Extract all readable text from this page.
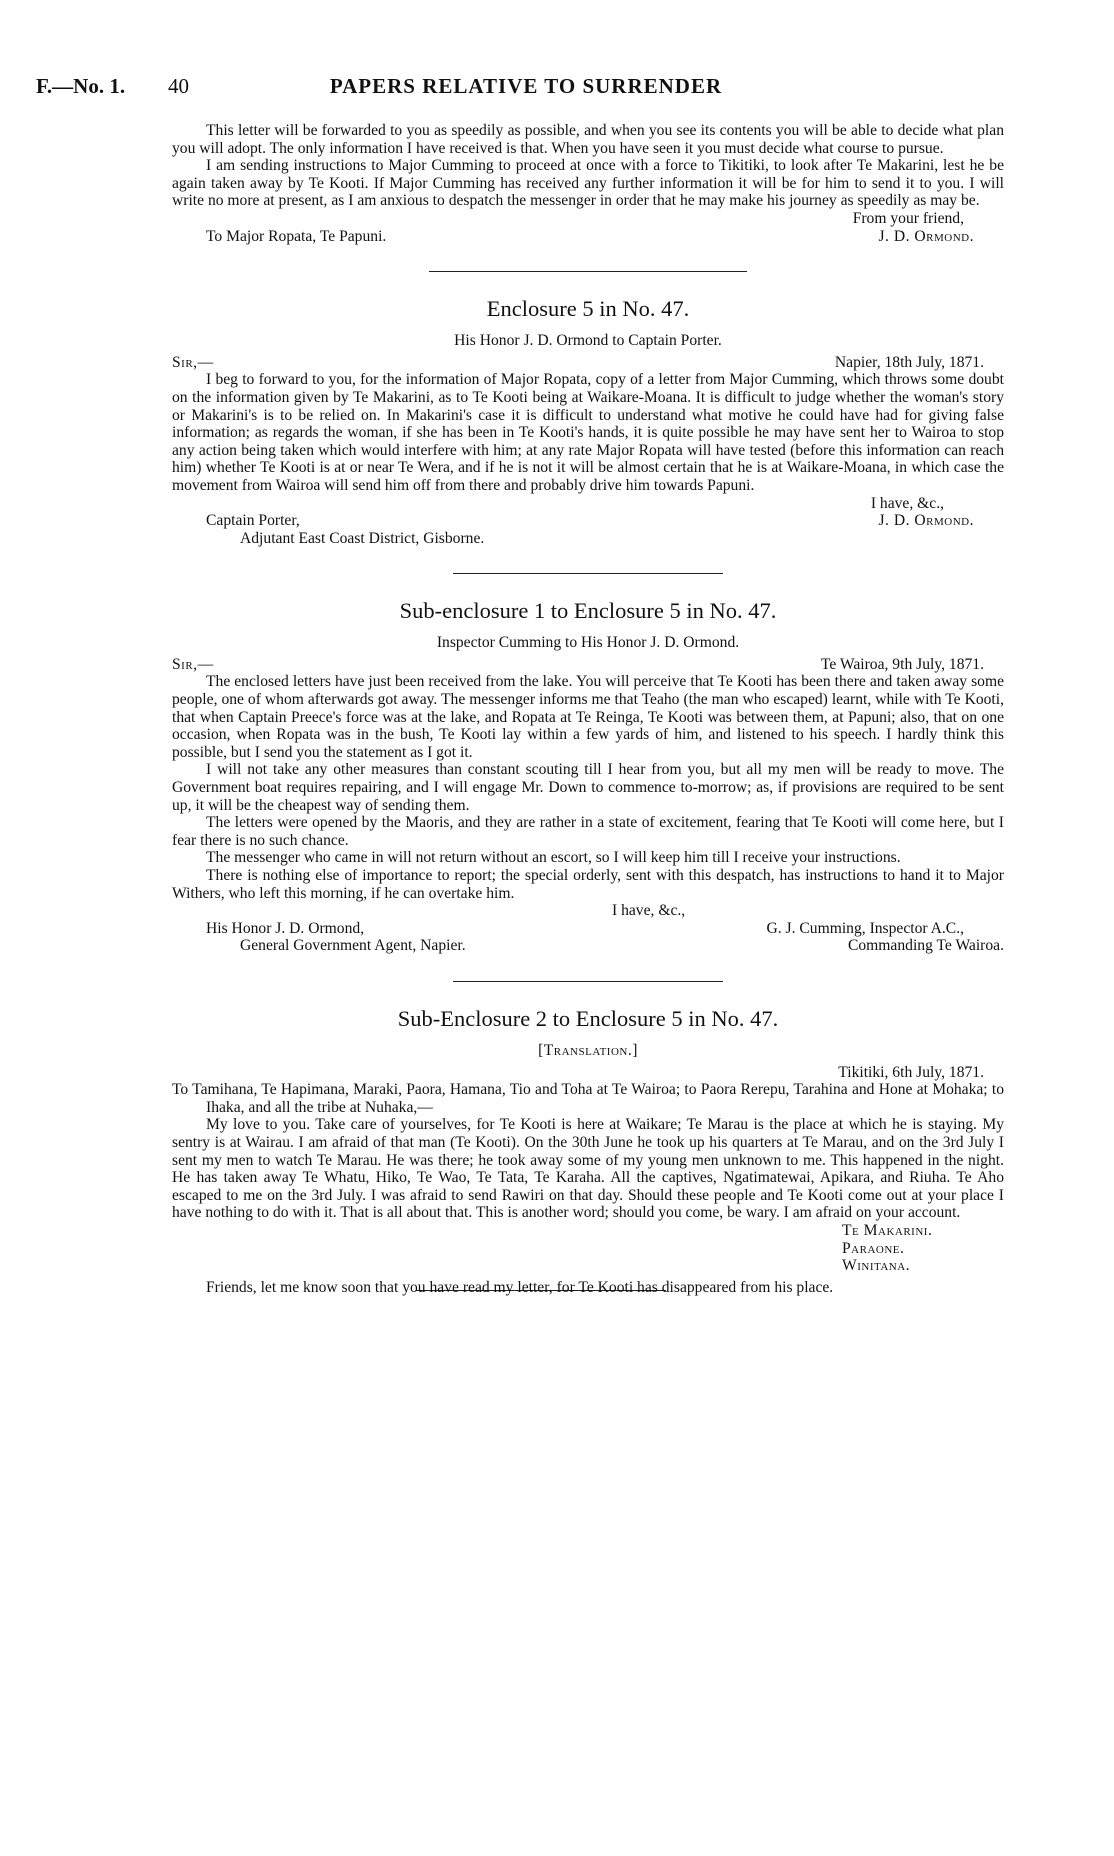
F.—No. 1. 40	PAPERS RELATIVE TO SURRENDER

This letter will be forwarded to you as speedily as possible, and when you see its contents you will be able to decide what plan you will adopt. The only information I have received is that. When you have seen it you must decide what course to pursue.

I am sending instructions to Major Cumming to proceed at once with a force to Tikitiki, to look after Te Makarini, lest he be again taken away by Te Kooti. If Major Cumming has received any further information it will be for him to send it to you. I will write no more at present, as I am anxious to despatch the messenger in order that he may make his journey as speedily as may be.

From your friend,

To Major Ropata, Te Papuni.	J. D. Ormond.
Enclosure 5 in No. 47.
His Honor J. D. Ormond to Captain Porter.
Sir,—	Napier, 18th July, 1871.

I beg to forward to you, for the information of Major Ropata, copy of a letter from Major Cumming, which throws some doubt on the information given by Te Makarini, as to Te Kooti being at Waikare-Moana. It is difficult to judge whether the woman's story or Makarini's is to be relied on. In Makarini's case it is difficult to understand what motive he could have had for giving false information; as regards the woman, if she has been in Te Kooti's hands, it is quite possible he may have sent her to Wairoa to stop any action being taken which would interfere with him; at any rate Major Ropata will have tested (before this information can reach him) whether Te Kooti is at or near Te Wera, and if he is not it will be almost certain that he is at Waikare-Moana, in which case the movement from Wairoa will send him off from there and probably drive him towards Papuni.

I have, &c.,

Captain Porter,	J. D. Ormond.
Adjutant East Coast District, Gisborne.
Sub-enclosure 1 to Enclosure 5 in No. 47.
Inspector Cumming to His Honor J. D. Ormond.
Sir,—	Te Wairoa, 9th July, 1871.

The enclosed letters have just been received from the lake. You will perceive that Te Kooti has been there and taken away some people, one of whom afterwards got away. The messenger informs me that Teaho (the man who escaped) learnt, while with Te Kooti, that when Captain Preece's force was at the lake, and Ropata at Te Reinga, Te Kooti was between them, at Papuni; also, that on one occasion, when Ropata was in the bush, Te Kooti lay within a few yards of him, and listened to his speech. I hardly think this possible, but I send you the statement as I got it.

I will not take any other measures than constant scouting till I hear from you, but all my men will be ready to move. The Government boat requires repairing, and I will engage Mr. Down to commence to-morrow; as, if provisions are required to be sent up, it will be the cheapest way of sending them.

The letters were opened by the Maoris, and they are rather in a state of excitement, fearing that Te Kooti will come here, but I fear there is no such chance.

The messenger who came in will not return without an escort, so I will keep him till I receive your instructions.

There is nothing else of importance to report; the special orderly, sent with this despatch, has instructions to hand it to Major Withers, who left this morning, if he can overtake him.

I have, &c.,

His Honor J. D. Ormond,	G. J. Cumming, Inspector A.C.,
General Government Agent, Napier.	Commanding Te Wairoa.
Sub-Enclosure 2 to Enclosure 5 in No. 47.
[Translation.]

Tikitiki, 6th July, 1871.

To Tamihana, Te Hapimana, Maraki, Paora, Hamana, Tio and Toha at Te Wairoa; to Paora Rerepu, Tarahina and Hone at Mohaka; to Ihaka, and all the tribe at Nuhaka,—

My love to you. Take care of yourselves, for Te Kooti is here at Waikare; Te Marau is the place at which he is staying. My sentry is at Wairau. I am afraid of that man (Te Kooti). On the 30th June he took up his quarters at Te Marau, and on the 3rd July I sent my men to watch Te Marau. He was there; he took away some of my young men unknown to me. This happened in the night. He has taken away Te Whatu, Hiko, Te Wao, Te Tata, Te Karaha. All the captives, Ngatimatewai, Apikara, and Riuha. Te Aho escaped to me on the 3rd July. I was afraid to send Rawiri on that day. Should these people and Te Kooti come out at your place I have nothing to do with it. That is all about that. This is another word; should you come, be wary. I am afraid on your account.

Te Makarini.
Paraone.
Winitana.

Friends, let me know soon that you have read my letter, for Te Kooti has disappeared from his place.
